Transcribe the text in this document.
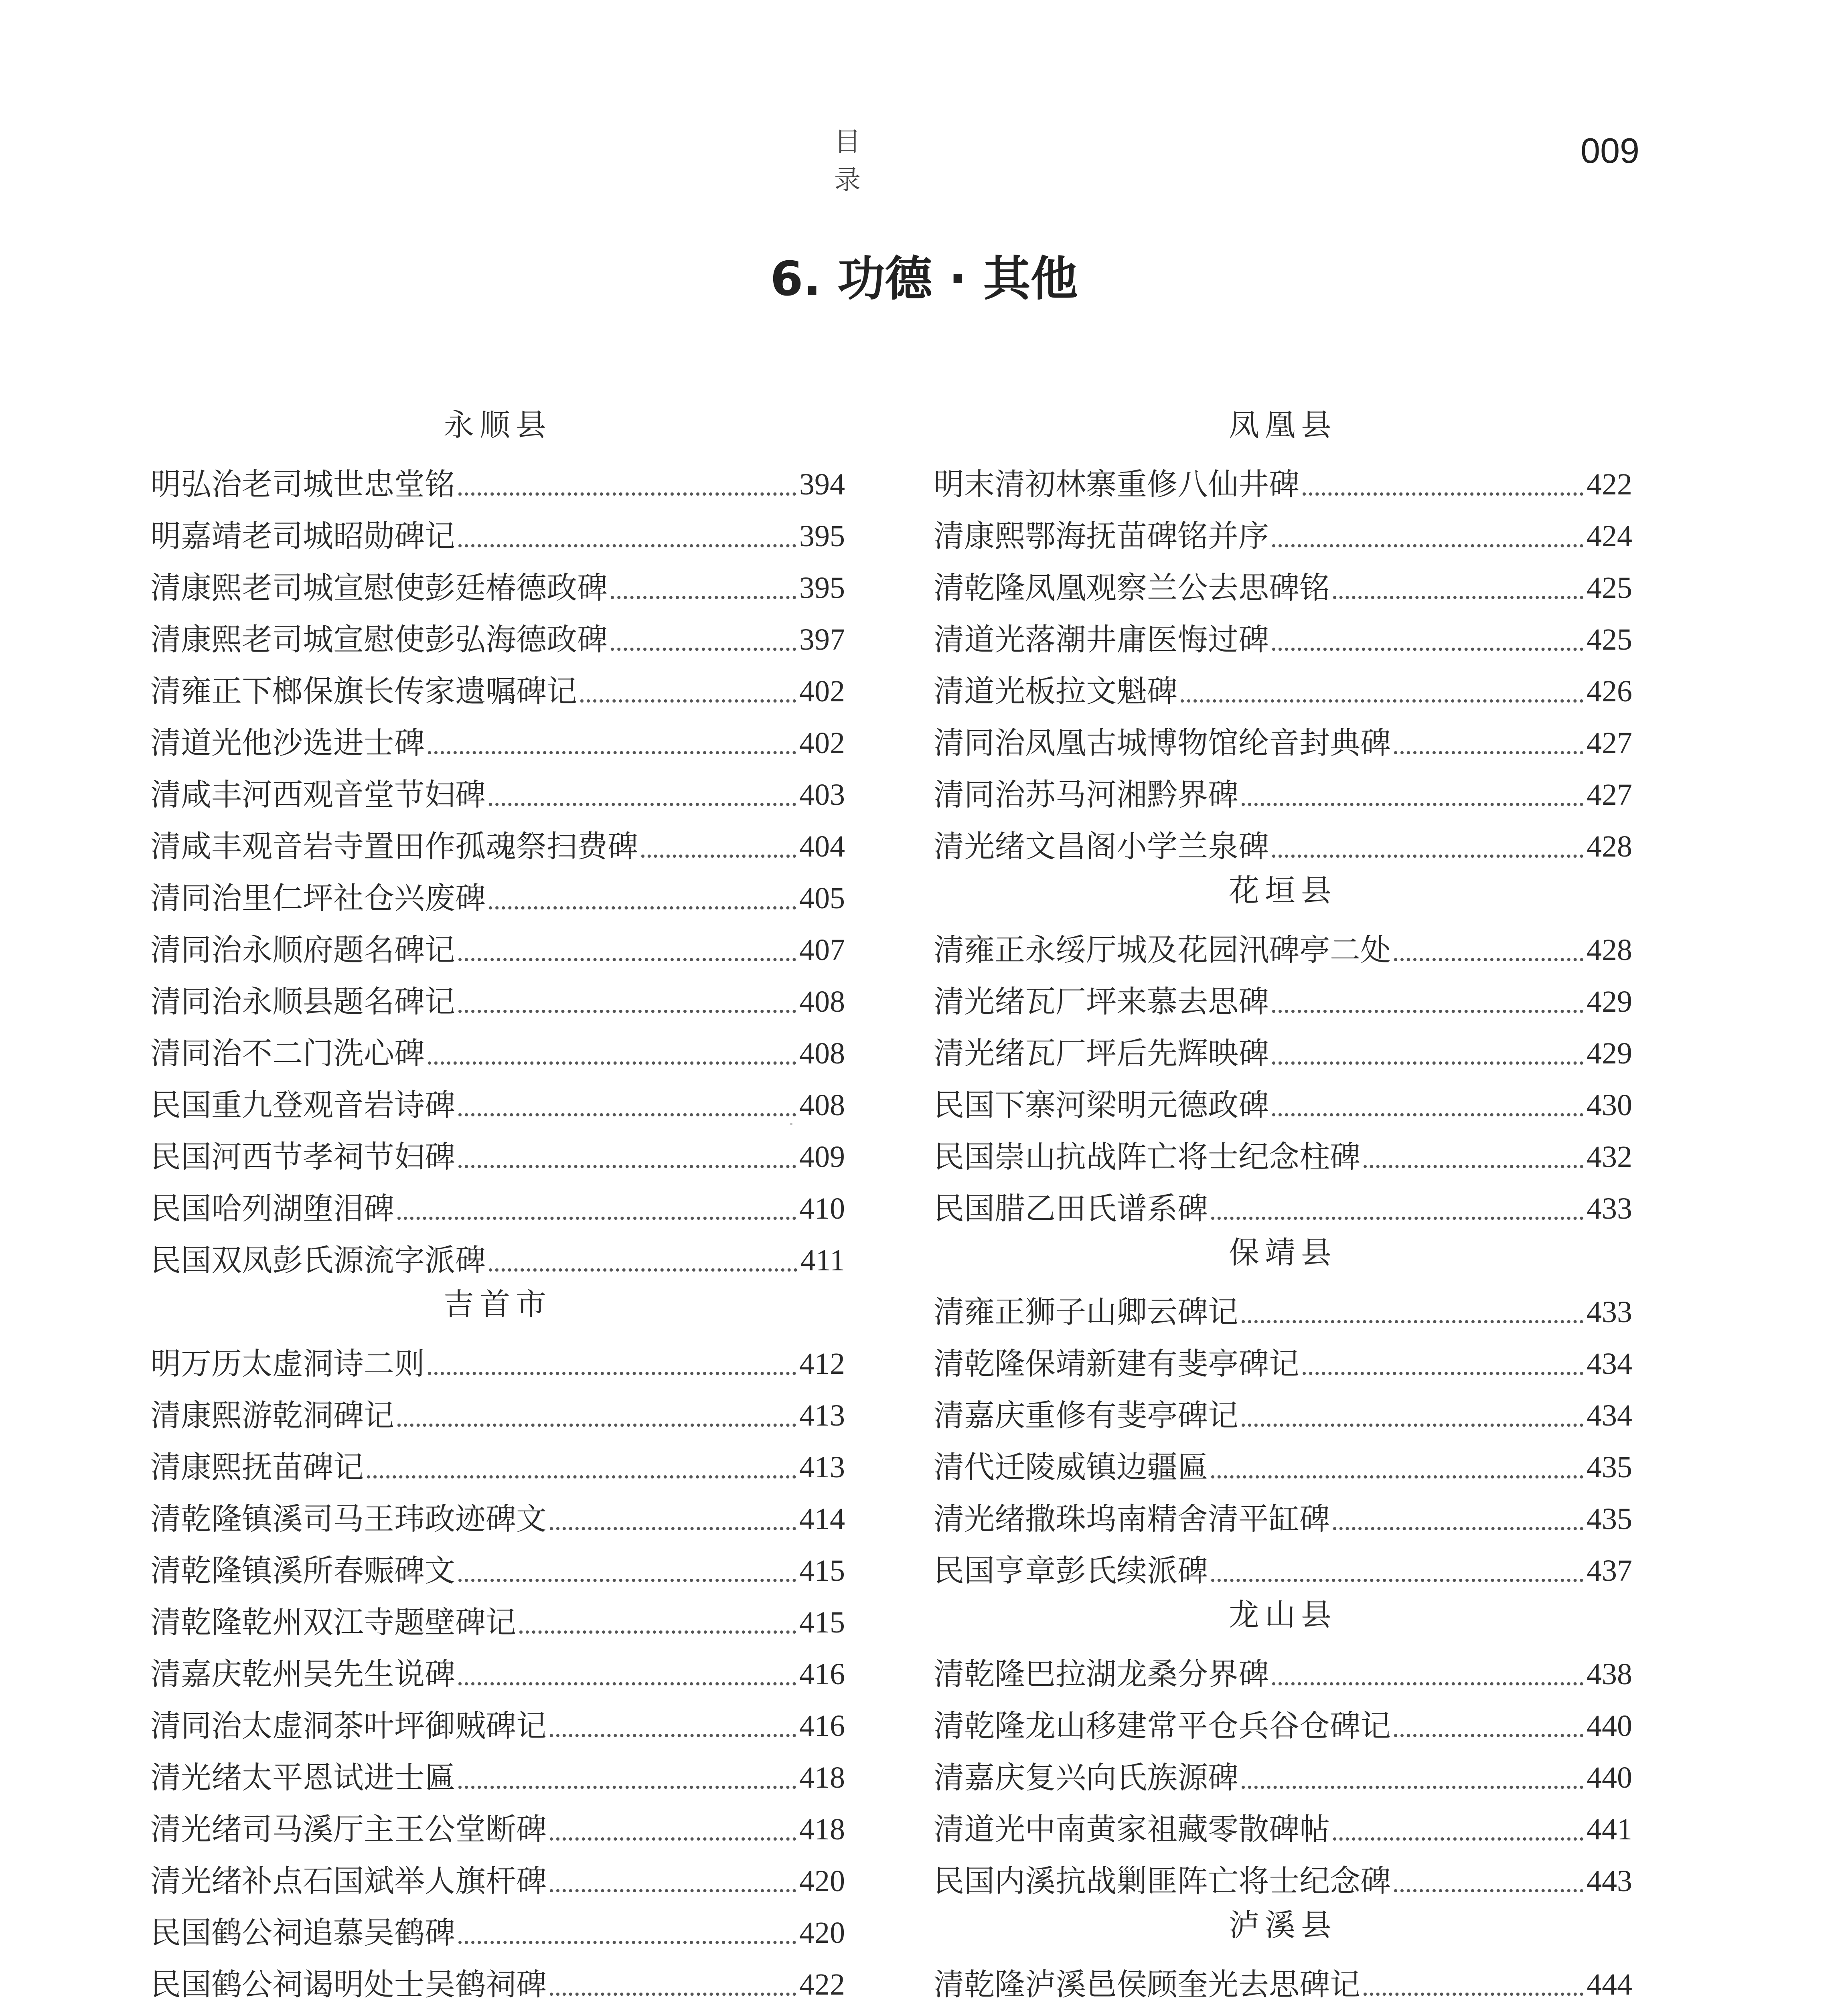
目 录
009
6. 功德 · 其他
永顺县
明弘治老司城世忠堂铭	394
明嘉靖老司城昭勋碑记	395
清康熙老司城宣慰使彭廷椿德政碑	395
清康熙老司城宣慰使彭弘海德政碑	397
清雍正下榔保旗长传家遗嘱碑记	402
清道光他沙选进士碑	402
清咸丰河西观音堂节妇碑	403
清咸丰观音岩寺置田作孤魂祭扫费碑	404
清同治里仁坪社仓兴废碑	405
清同治永顺府题名碑记	407
清同治永顺县题名碑记	408
清同治不二门洗心碑	408
民国重九登观音岩诗碑	408
民国河西节孝祠节妇碑	409
民国哈列湖堕泪碑	410
民国双凤彭氏源流字派碑	411
吉首市
明万历太虚洞诗二则	412
清康熙游乾洞碑记	413
清康熙抚苗碑记	413
清乾隆镇溪司马王玮政迹碑文	414
清乾隆镇溪所春赈碑文	415
清乾隆乾州双江寺题壁碑记	415
清嘉庆乾州吴先生说碑	416
清同治太虚洞茶叶坪御贼碑记	416
清光绪太平恩试进士匾	418
清光绪司马溪厅主王公堂断碑	418
清光绪补点石国斌举人旗杆碑	420
民国鹤公祠追慕吴鹤碑	420
民国鹤公祠谒明处士吴鹤祠碑	422
凤凰县
明末清初林寨重修八仙井碑	422
清康熙鄂海抚苗碑铭并序	424
清乾隆凤凰观察兰公去思碑铭	425
清道光落潮井庸医悔过碑	425
清道光板拉文魁碑	426
清同治凤凰古城博物馆纶音封典碑	427
清同治苏马河湘黔界碑	427
清光绪文昌阁小学兰泉碑	428
花垣县
清雍正永绥厅城及花园汛碑亭二处	428
清光绪瓦厂坪来慕去思碑	429
清光绪瓦厂坪后先辉映碑	429
民国下寨河梁明元德政碑	430
民国崇山抗战阵亡将士纪念柱碑	432
民国腊乙田氏谱系碑	433
保靖县
清雍正狮子山卿云碑记	433
清乾隆保靖新建有斐亭碑记	434
清嘉庆重修有斐亭碑记	434
清代迁陵威镇边疆匾	435
清光绪撒珠坞南精舍清平缸碑	435
民国亨章彭氏续派碑	437
龙山县
清乾隆巴拉湖龙桑分界碑	438
清乾隆龙山移建常平仓兵谷仓碑记	440
清嘉庆复兴向氏族源碑	440
清道光中南黄家祖藏零散碑帖	441
民国内溪抗战剿匪阵亡将士纪念碑	443
泸溪县
清乾隆泸溪邑侯顾奎光去思碑记	444
